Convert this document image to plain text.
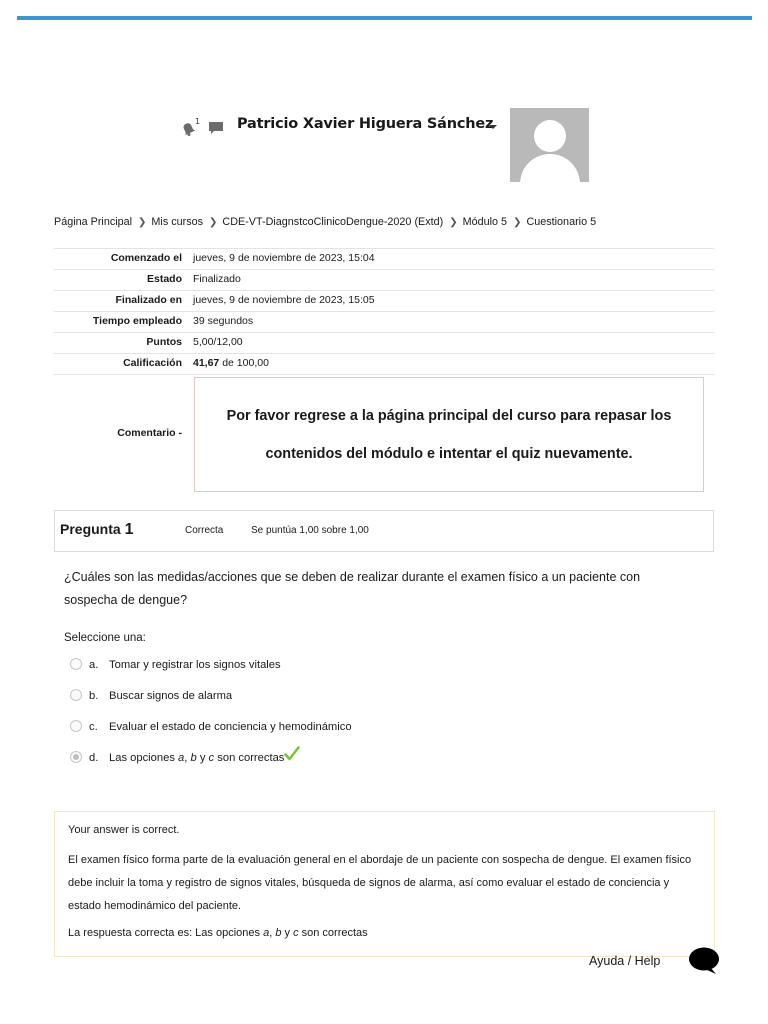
1	Patricio Xavier Higuera Sánchez
Página Principal ❯ Mis cursos ❯ CDE-VT-DiagnstcoClinicoDengue-2020 (Extd) ❯ Módulo 5 ❯ Cuestionario 5
Comenzado el jueves, 9 de noviembre de 2023, 15:04
Estado Finalizado
Finalizado en jueves, 9 de noviembre de 2023, 15:05
Tiempo empleado 39 segundos
Puntos 5,00/12,00
Calificación 41,67 de 100,00
Comentario -

Por favor regrese a la página principal del curso para repasar los contenidos del módulo e intentar el quiz nuevamente.

Pregunta 1	Correcta	Se puntúa 1,00 sobre 1,00
¿Cuáles son las medidas/acciones que se deben de realizar durante el examen físico a un paciente con sospecha de dengue?
Seleccione una:
a. Tomar y registrar los signos vitales
b. Buscar signos de alarma
c. Evaluar el estado de conciencia y hemodinámico
d. Las opciones a, b y c son correctas
Your answer is correct.
El examen físico forma parte de la evaluación general en el abordaje de un paciente con sospecha de dengue. El examen físico debe incluir la toma y registro de signos vitales, búsqueda de signos de alarma, así como evaluar el estado de conciencia y estado hemodinámico del paciente.
La respuesta correcta es: Las opciones a, b y c son correctas
Ayuda / Help
